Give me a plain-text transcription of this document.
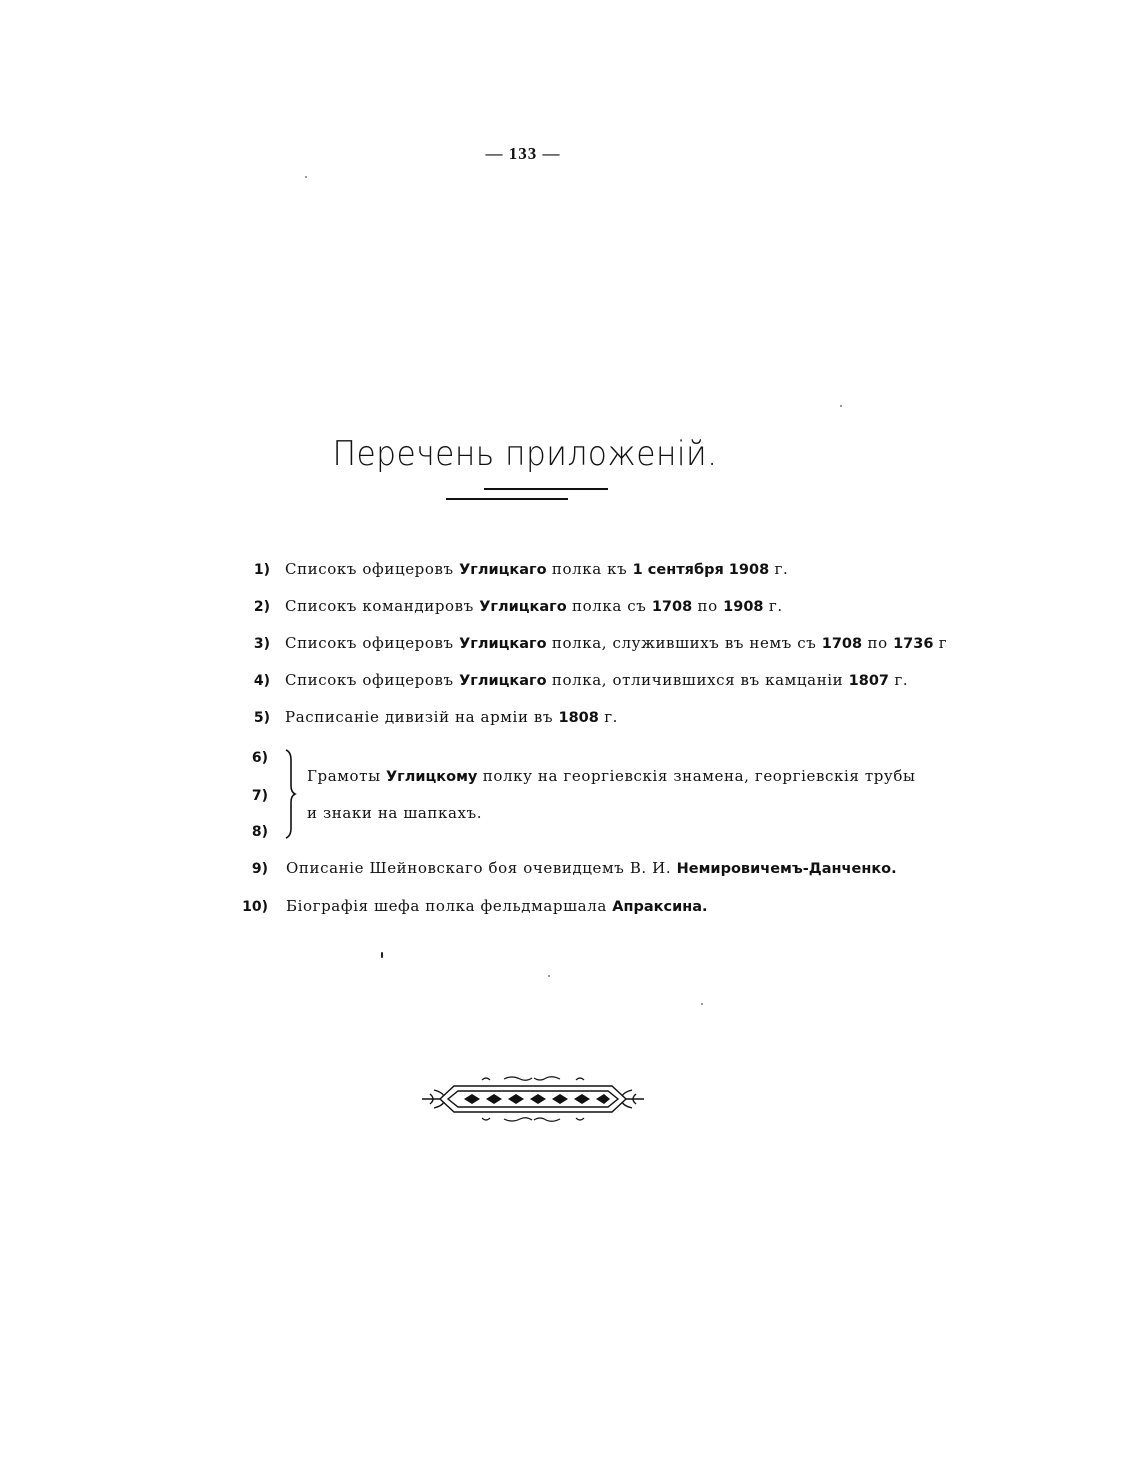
— 133 —
Перечень приложеній.
1) Списокъ офицеровъ Углицкаго полка къ 1 сентября 1908 г.
2) Списокъ командировъ Углицкаго полка съ 1708 по 1908 г.
3) Списокъ офицеровъ Углицкаго полка, служившихъ въ немъ съ 1708 по 1736 г
4) Списокъ офицеровъ Углицкаго полка, отличившихся въ камцаніи 1807 г.
5) Расписаніе дивизій на арміи въ 1808 г.
6)
7)
8)
Грамоты Углицкому полку на георгіевскія знамена, георгіевскія трубы
и знаки на шапкахъ.
9) Описаніе Шейновскаго боя очевидцемъ В. И. Немировичемъ-Данченко.
10) Біографія шефа полка фельдмаршала Апраксина.
